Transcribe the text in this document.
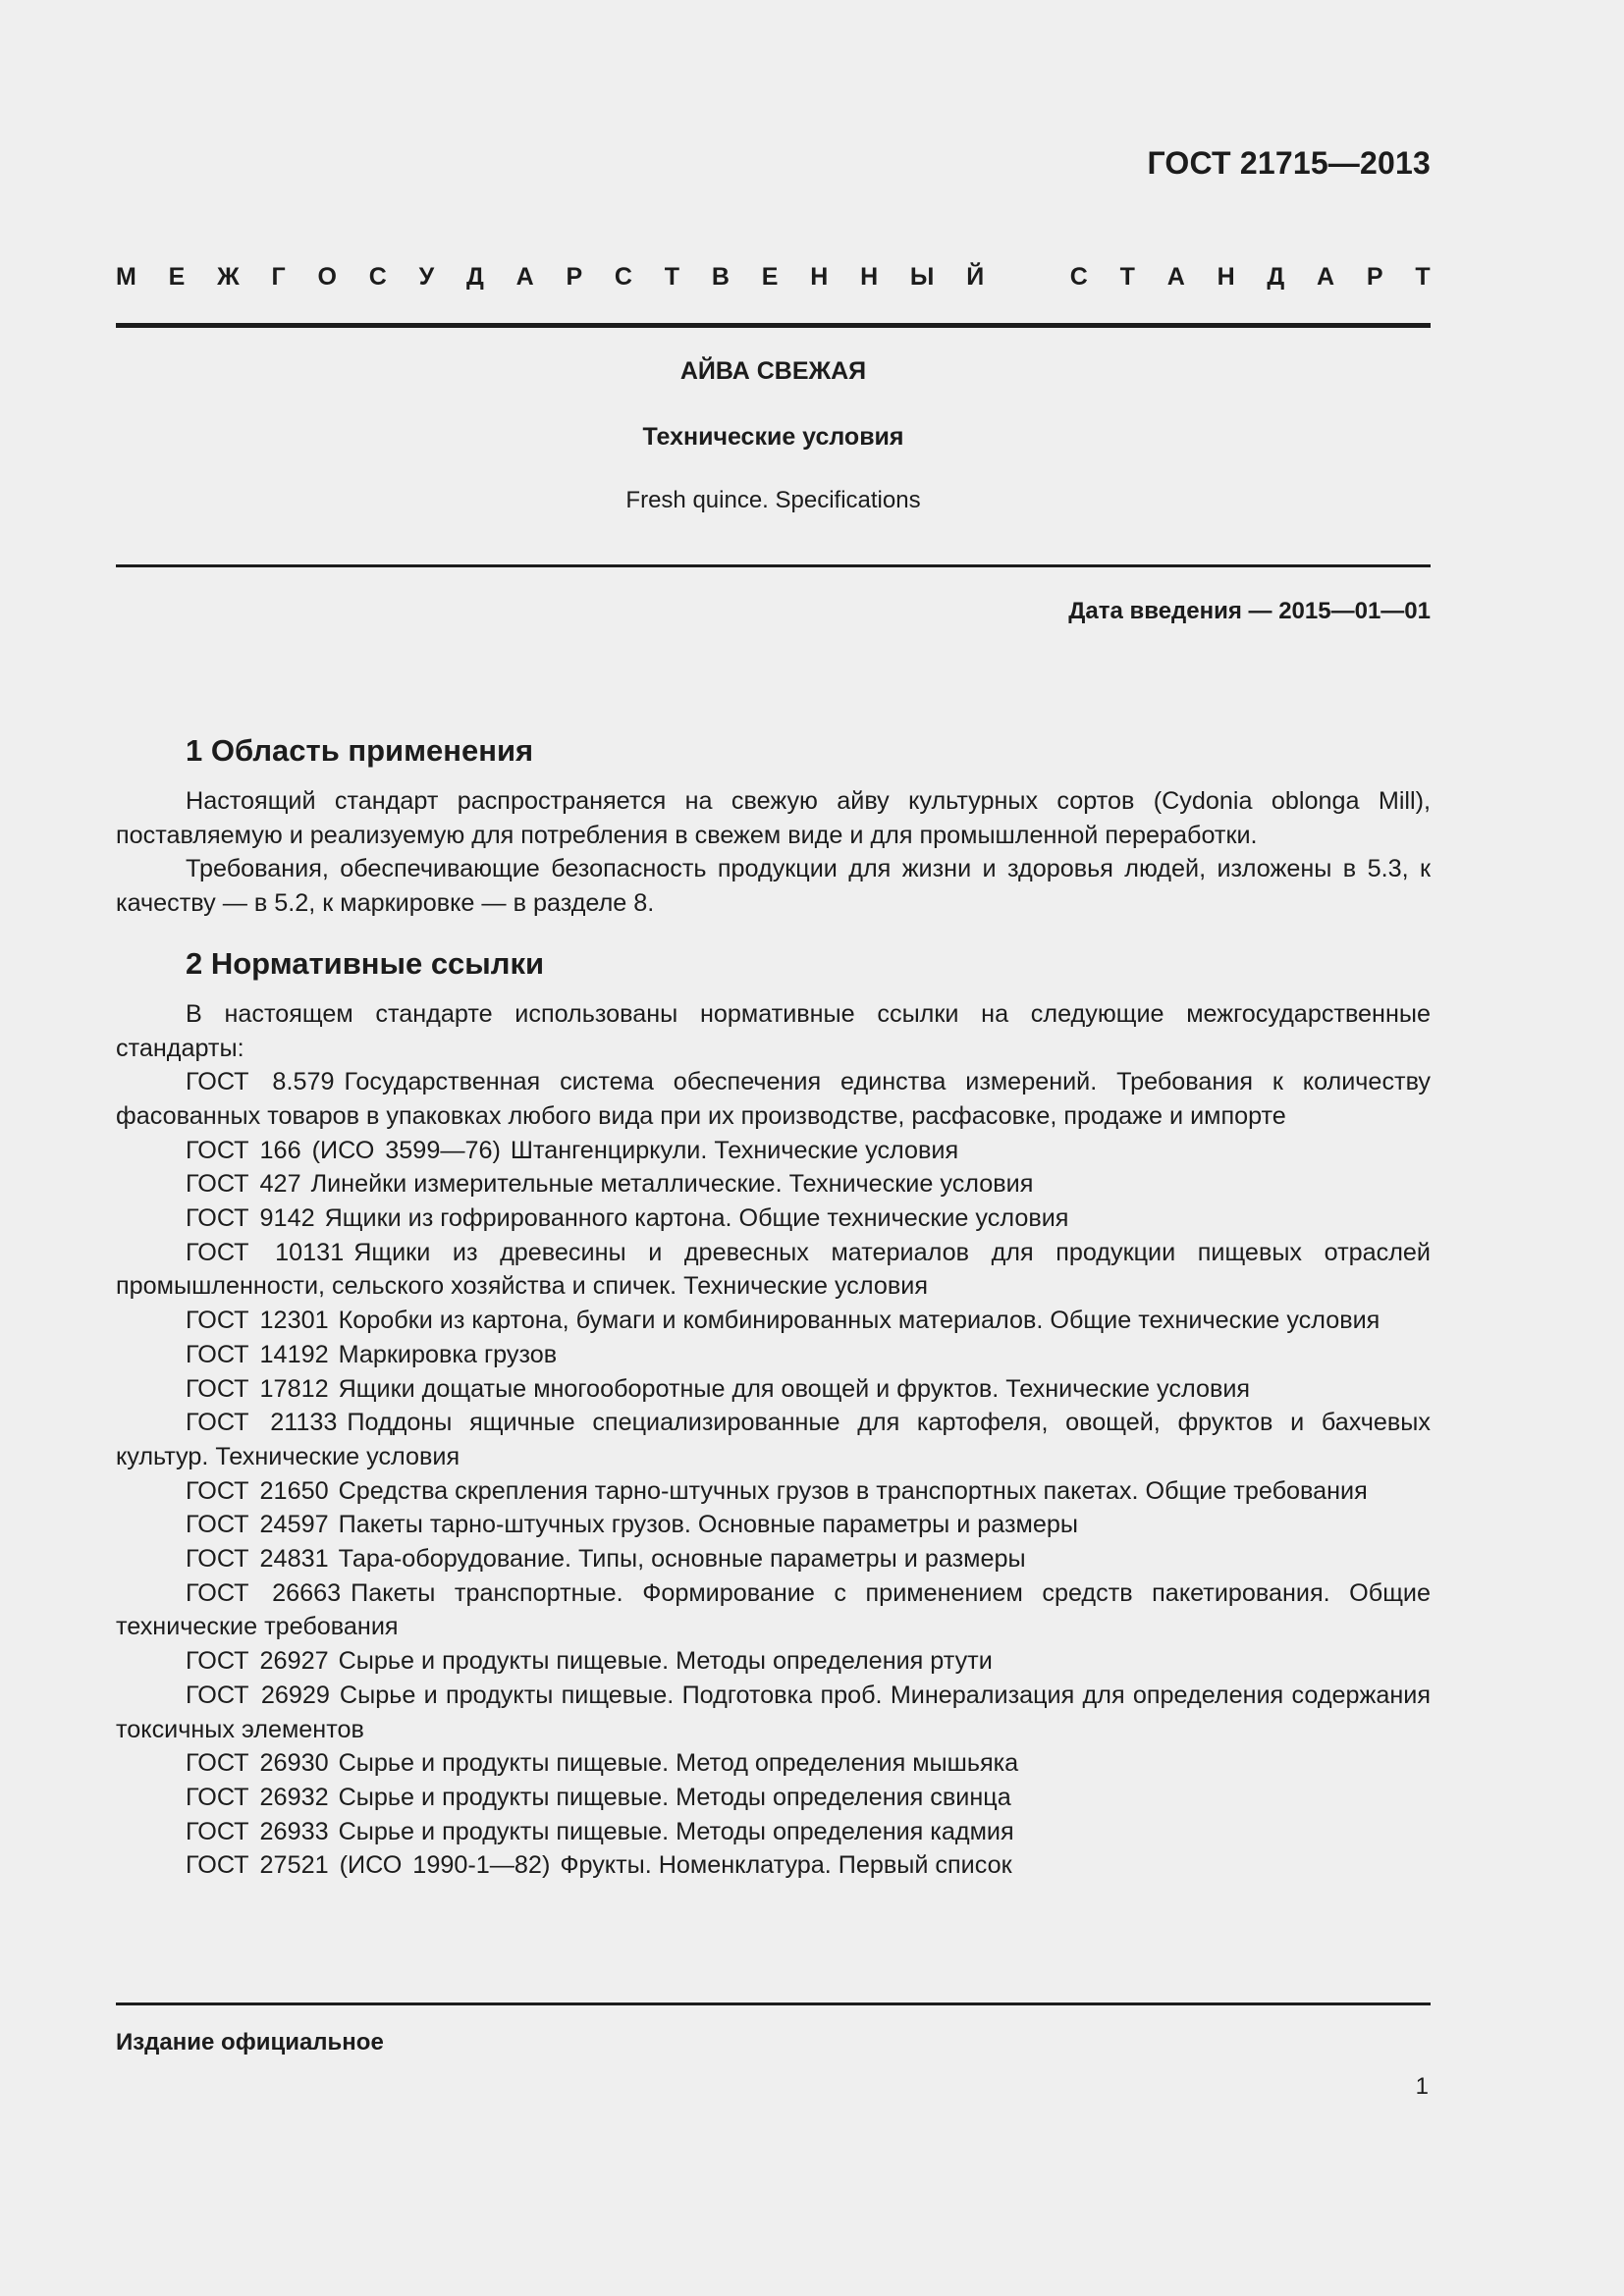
ГОСТ 21715—2013
М Е Ж Г О С У Д А Р С Т В Е Н Н Ы Й
	С Т А Н Д А Р Т
АЙВА СВЕЖАЯ
Технические условия
Fresh quince. Specifications
Дата введения — 2015—01—01
1 Область применения

Настоящий стандарт распространяется на свежую айву культурных сортов (Cydonia oblonga Mill), поставляемую и реализуемую для потребления в свежем виде и для промышленной переработки.

Требования, обеспечивающие безопасность продукции для жизни и здоровья людей, изложены в 5.3, к качеству — в 5.2, к маркировке — в разделе 8.

2 Нормативные ссылки

В настоящем стандарте использованы нормативные ссылки на следующие межгосударственные стандарты:

ГОСТ 8.579 Государственная система обеспечения единства измерений. Требования к количеству фасованных товаров в упаковках любого вида при их производстве, расфасовке, продаже и импорте

ГОСТ 166 (ИСО 3599—76) Штангенциркули. Технические условия

ГОСТ 427 Линейки измерительные металлические. Технические условия

ГОСТ 9142 Ящики из гофрированного картона. Общие технические условия

ГОСТ 10131 Ящики из древесины и древесных материалов для продукции пищевых отраслей промышленности, сельского хозяйства и спичек. Технические условия

ГОСТ 12301 Коробки из картона, бумаги и комбинированных материалов. Общие технические условия

ГОСТ 14192 Маркировка грузов

ГОСТ 17812 Ящики дощатые многооборотные для овощей и фруктов. Технические условия

ГОСТ 21133 Поддоны ящичные специализированные для картофеля, овощей, фруктов и бахчевых культур. Технические условия

ГОСТ 21650 Средства скрепления тарно-штучных грузов в транспортных пакетах. Общие требования

ГОСТ 24597 Пакеты тарно-штучных грузов. Основные параметры и размеры

ГОСТ 24831 Тара-оборудование. Типы, основные параметры и размеры

ГОСТ 26663 Пакеты транспортные. Формирование с применением средств пакетирования. Общие технические требования

ГОСТ 26927 Сырье и продукты пищевые. Методы определения ртути

ГОСТ 26929 Сырье и продукты пищевые. Подготовка проб. Минерализация для определения содержания токсичных элементов

ГОСТ 26930 Сырье и продукты пищевые. Метод определения мышьяка

ГОСТ 26932 Сырье и продукты пищевые. Методы определения свинца

ГОСТ 26933 Сырье и продукты пищевые. Методы определения кадмия

ГОСТ 27521 (ИСО 1990-1—82) Фрукты. Номенклатура. Первый список

Издание официальное
1
